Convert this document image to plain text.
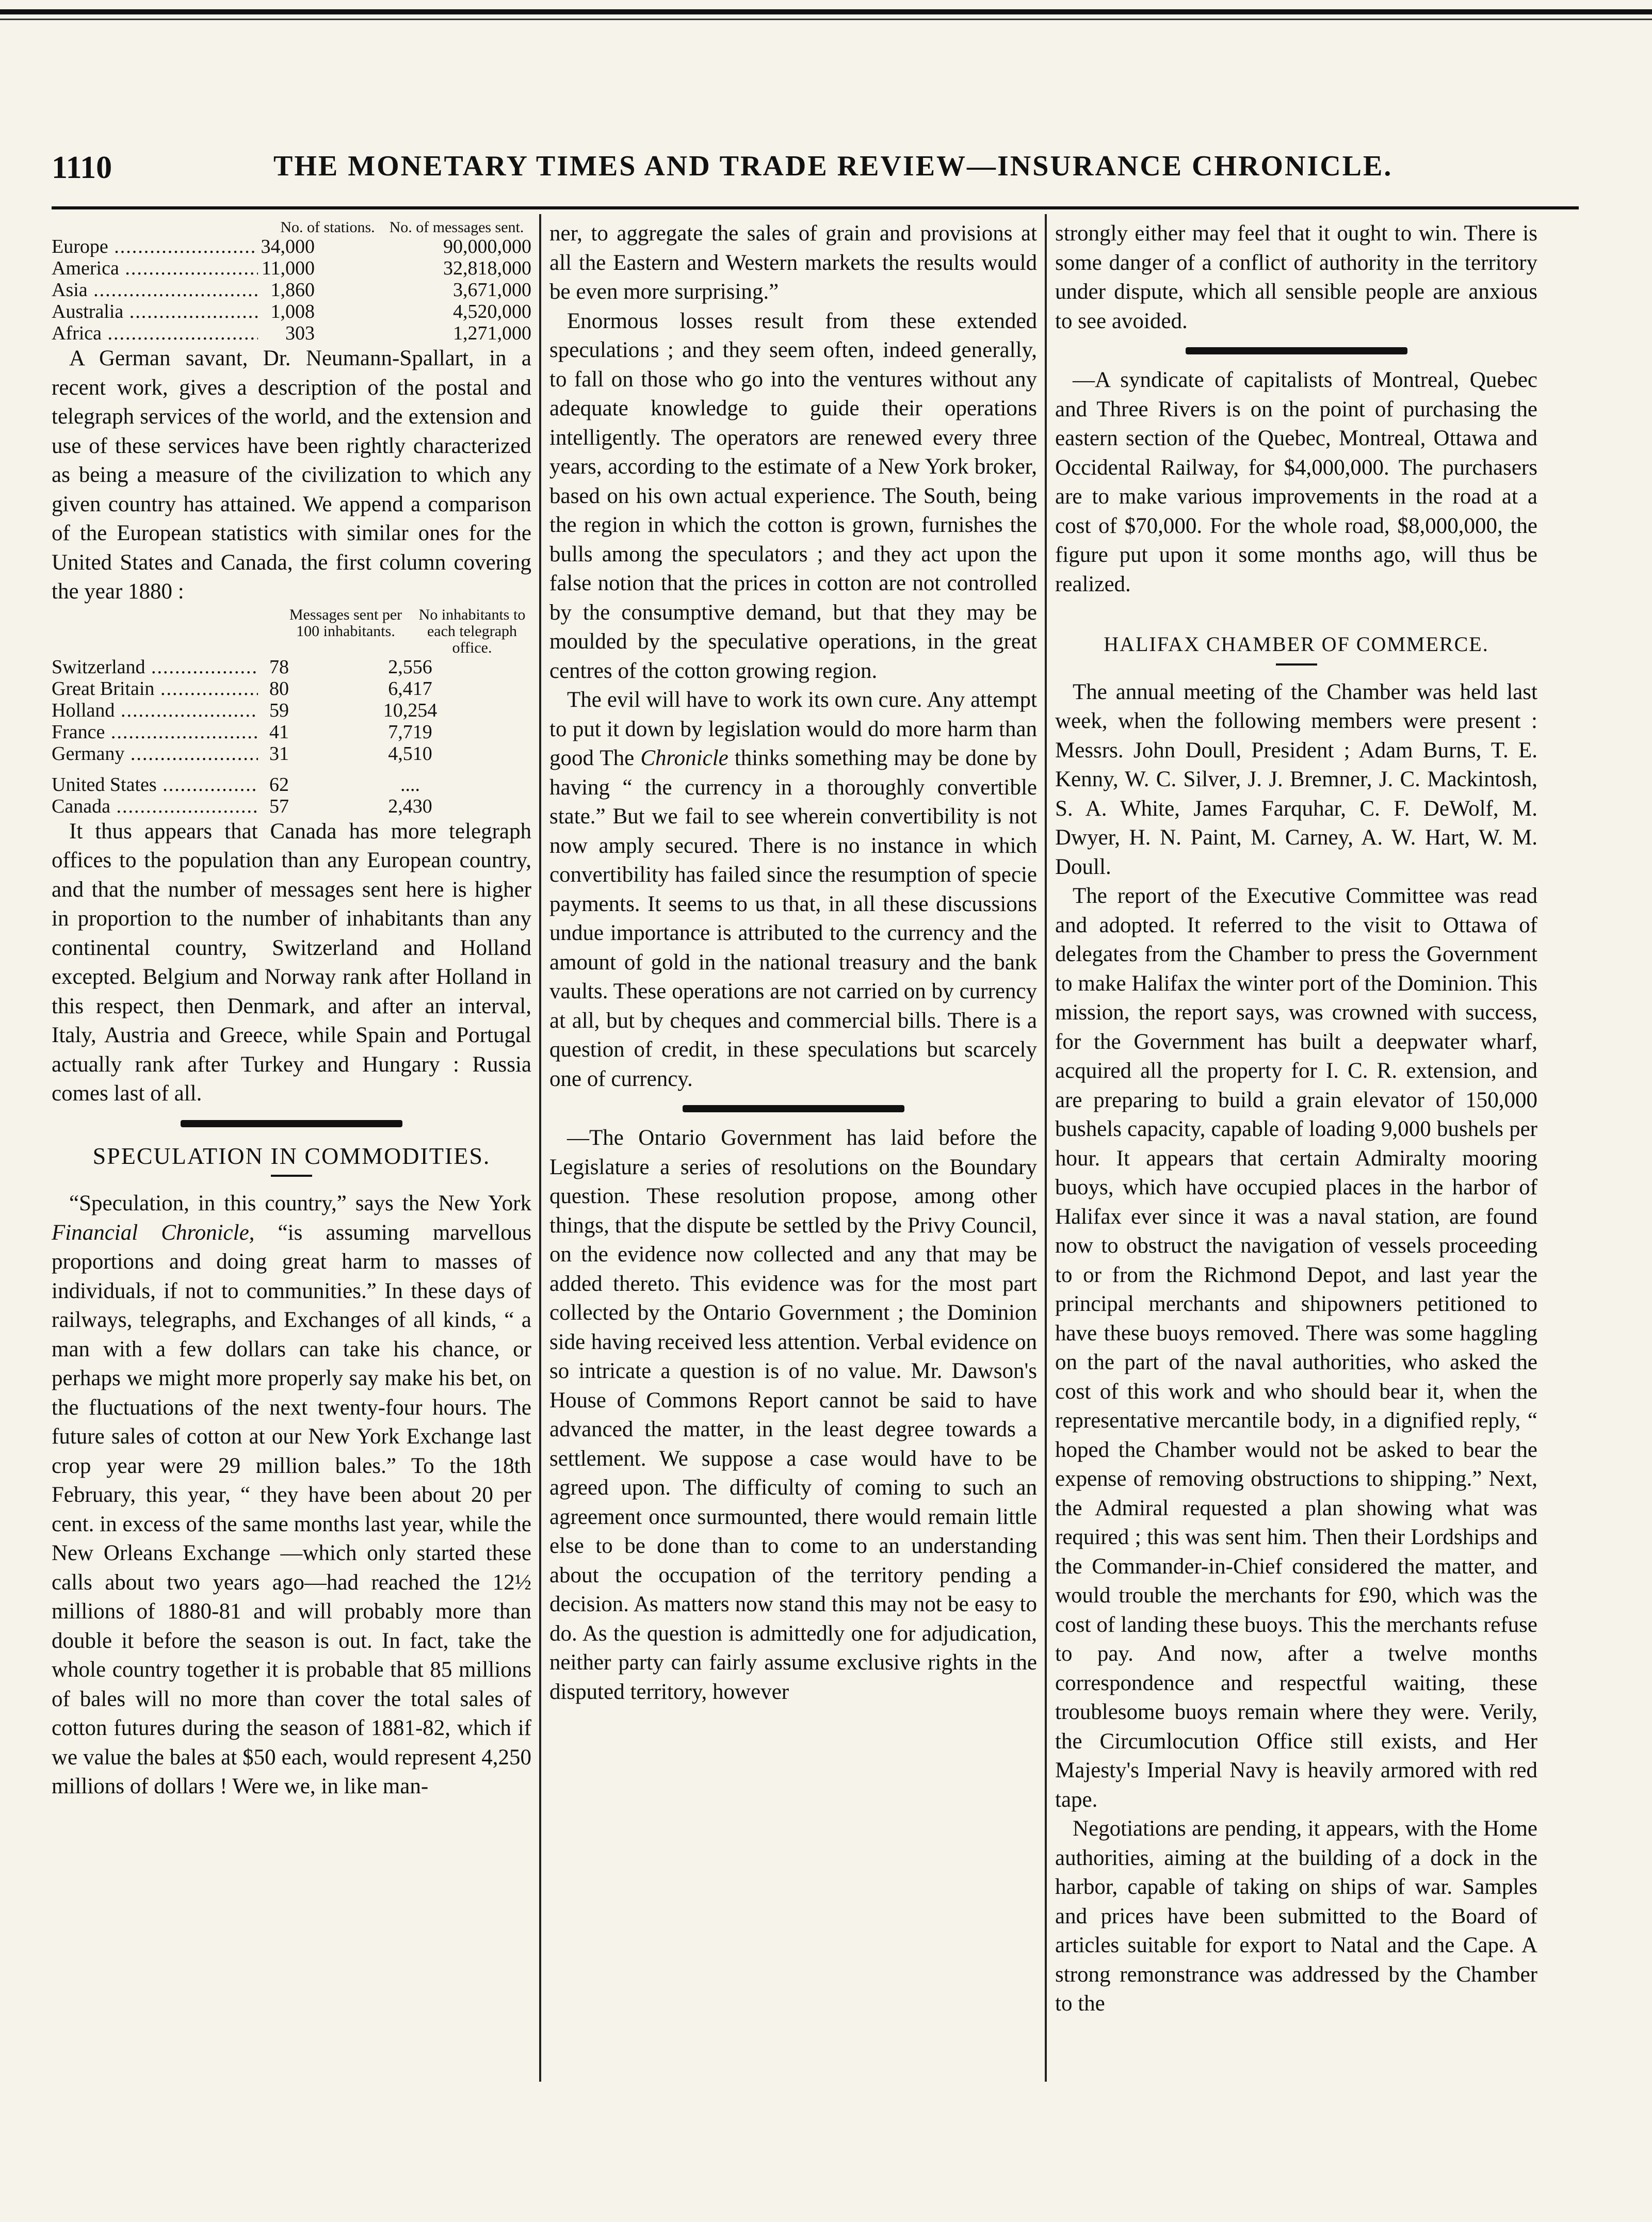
1110	THE MONETARY TIMES AND TRADE REVIEW—INSURANCE CHRONICLE.
No. of stations. No. of messages sent.
Europe .....	34,000	90,000,000
America .....	11,000	32,818,000
Asia .....	1,860	3,671,000
Australia .....	1,008	4,520,000
Africa .....	303	1,271,000

A German savant, Dr. Neumann-Spallart, in a recent work, gives a description of the postal and telegraph services of the world, and the extension and use of these services have been rightly characterized as being a measure of the civilization to which any given country has attained. We append a comparison of the European statistics with similar ones for the United States and Canada, the first column covering the year 1880 :

Messages sent per 100 inhabitants.
No inhabitants to each telegraph office.
Switzerland .....	78	2,556
Great Britain .....	80	6,417
Holland .....	59	10,254
France .....	41	7,719
Germany .....	31	4,510
United States .....	62	....
Canada .....	57	2,430

It thus appears that Canada has more telegraph offices to the population than any European country, and that the number of messages sent here is higher in proportion to the number of inhabitants than any continental country, Switzerland and Holland excepted. Belgium and Norway rank after Holland in this respect, then Denmark, and after an interval, Italy, Austria and Greece, while Spain and Portugal actually rank after Turkey and Hungary : Russia comes last of all.

SPECULATION IN COMMODITIES.

“Speculation, in this country,” says the New York Financial Chronicle, “is assuming marvellous proportions and doing great harm to masses of individuals, if not to communities.” In these days of railways, telegraphs, and Exchanges of all kinds, “ a man with a few dollars can take his chance, or perhaps we might more properly say make his bet, on the fluctuations of the next twenty-four hours. The future sales of cotton at our New York Exchange last crop year were 29 million bales.” To the 18th February, this year, “ they have been about 20 per cent. in excess of the same months last year, while the New Orleans Exchange —which only started these calls about two years ago—had reached the 12½ millions of 1880-81 and will probably more than double it before the season is out. In fact, take the whole country together it is probable that 85 millions of bales will no more than cover the total sales of cotton futures during the season of 1881-82, which if we value the bales at $50 each, would represent 4,250 millions of dollars ! Were we, in like man-

ner, to aggregate the sales of grain and provisions at all the Eastern and Western markets the results would be even more surprising.”

Enormous losses result from these extended speculations ; and they seem often, indeed generally, to fall on those who go into the ventures without any adequate knowledge to guide their operations intelligently. The operators are renewed every three years, according to the estimate of a New York broker, based on his own actual experience. The South, being the region in which the cotton is grown, furnishes the bulls among the speculators ; and they act upon the false notion that the prices in cotton are not controlled by the consumptive demand, but that they may be moulded by the speculative operations, in the great centres of the cotton growing region.

The evil will have to work its own cure. Any attempt to put it down by legislation would do more harm than good The Chronicle thinks something may be done by having “ the currency in a thoroughly convertible state.” But we fail to see wherein convertibility is not now amply secured. There is no instance in which convertibility has failed since the resumption of specie payments. It seems to us that, in all these discussions undue importance is attributed to the currency and the amount of gold in the national treasury and the bank vaults. These operations are not carried on by currency at all, but by cheques and commercial bills. There is a question of credit, in these speculations but scarcely one of currency.

—The Ontario Government has laid before the Legislature a series of resolutions on the Boundary question. These resolution propose, among other things, that the dispute be settled by the Privy Council, on the evidence now collected and any that may be added thereto. This evidence was for the most part collected by the Ontario Government ; the Dominion side having received less attention. Verbal evidence on so intricate a question is of no value. Mr. Dawson's House of Commons Report cannot be said to have advanced the matter, in the least degree towards a settlement. We suppose a case would have to be agreed upon. The difficulty of coming to such an agreement once surmounted, there would remain little else to be done than to come to an understanding about the occupation of the territory pending a decision. As matters now stand this may not be easy to do. As the question is admittedly one for adjudication, neither party can fairly assume exclusive rights in the disputed territory, however

strongly either may feel that it ought to win. There is some danger of a conflict of authority in the territory under dispute, which all sensible people are anxious to see avoided.

—A syndicate of capitalists of Montreal, Quebec and Three Rivers is on the point of purchasing the eastern section of the Quebec, Montreal, Ottawa and Occidental Railway, for $4,000,000. The purchasers are to make various improvements in the road at a cost of $70,000. For the whole road, $8,000,000, the figure put upon it some months ago, will thus be realized.

HALIFAX CHAMBER OF COMMERCE.

The annual meeting of the Chamber was held last week, when the following members were present : Messrs. John Doull, President ; Adam Burns, T. E. Kenny, W. C. Silver, J. J. Bremner, J. C. Mackintosh, S. A. White, James Farquhar, C. F. DeWolf, M. Dwyer, H. N. Paint, M. Carney, A. W. Hart, W. M. Doull.

The report of the Executive Committee was read and adopted. It referred to the visit to Ottawa of delegates from the Chamber to press the Government to make Halifax the winter port of the Dominion. This mission, the report says, was crowned with success, for the Government has built a deepwater wharf, acquired all the property for I. C. R. extension, and are preparing to build a grain elevator of 150,000 bushels capacity, capable of loading 9,000 bushels per hour. It appears that certain Admiralty mooring buoys, which have occupied places in the harbor of Halifax ever since it was a naval station, are found now to obstruct the navigation of vessels proceeding to or from the Richmond Depot, and last year the principal merchants and shipowners petitioned to have these buoys removed. There was some haggling on the part of the naval authorities, who asked the cost of this work and who should bear it, when the representative mercantile body, in a dignified reply, “ hoped the Chamber would not be asked to bear the expense of removing obstructions to shipping.” Next, the Admiral requested a plan showing what was required ; this was sent him. Then their Lordships and the Commander-in-Chief considered the matter, and would trouble the merchants for £90, which was the cost of landing these buoys. This the merchants refuse to pay. And now, after a twelve months correspondence and respectful waiting, these troublesome buoys remain where they were. Verily, the Circumlocution Office still exists, and Her Majesty's Imperial Navy is heavily armored with red tape.

Negotiations are pending, it appears, with the Home authorities, aiming at the building of a dock in the harbor, capable of taking on ships of war. Samples and prices have been submitted to the Board of articles suitable for export to Natal and the Cape. A strong remonstrance was addressed by the Chamber to the
